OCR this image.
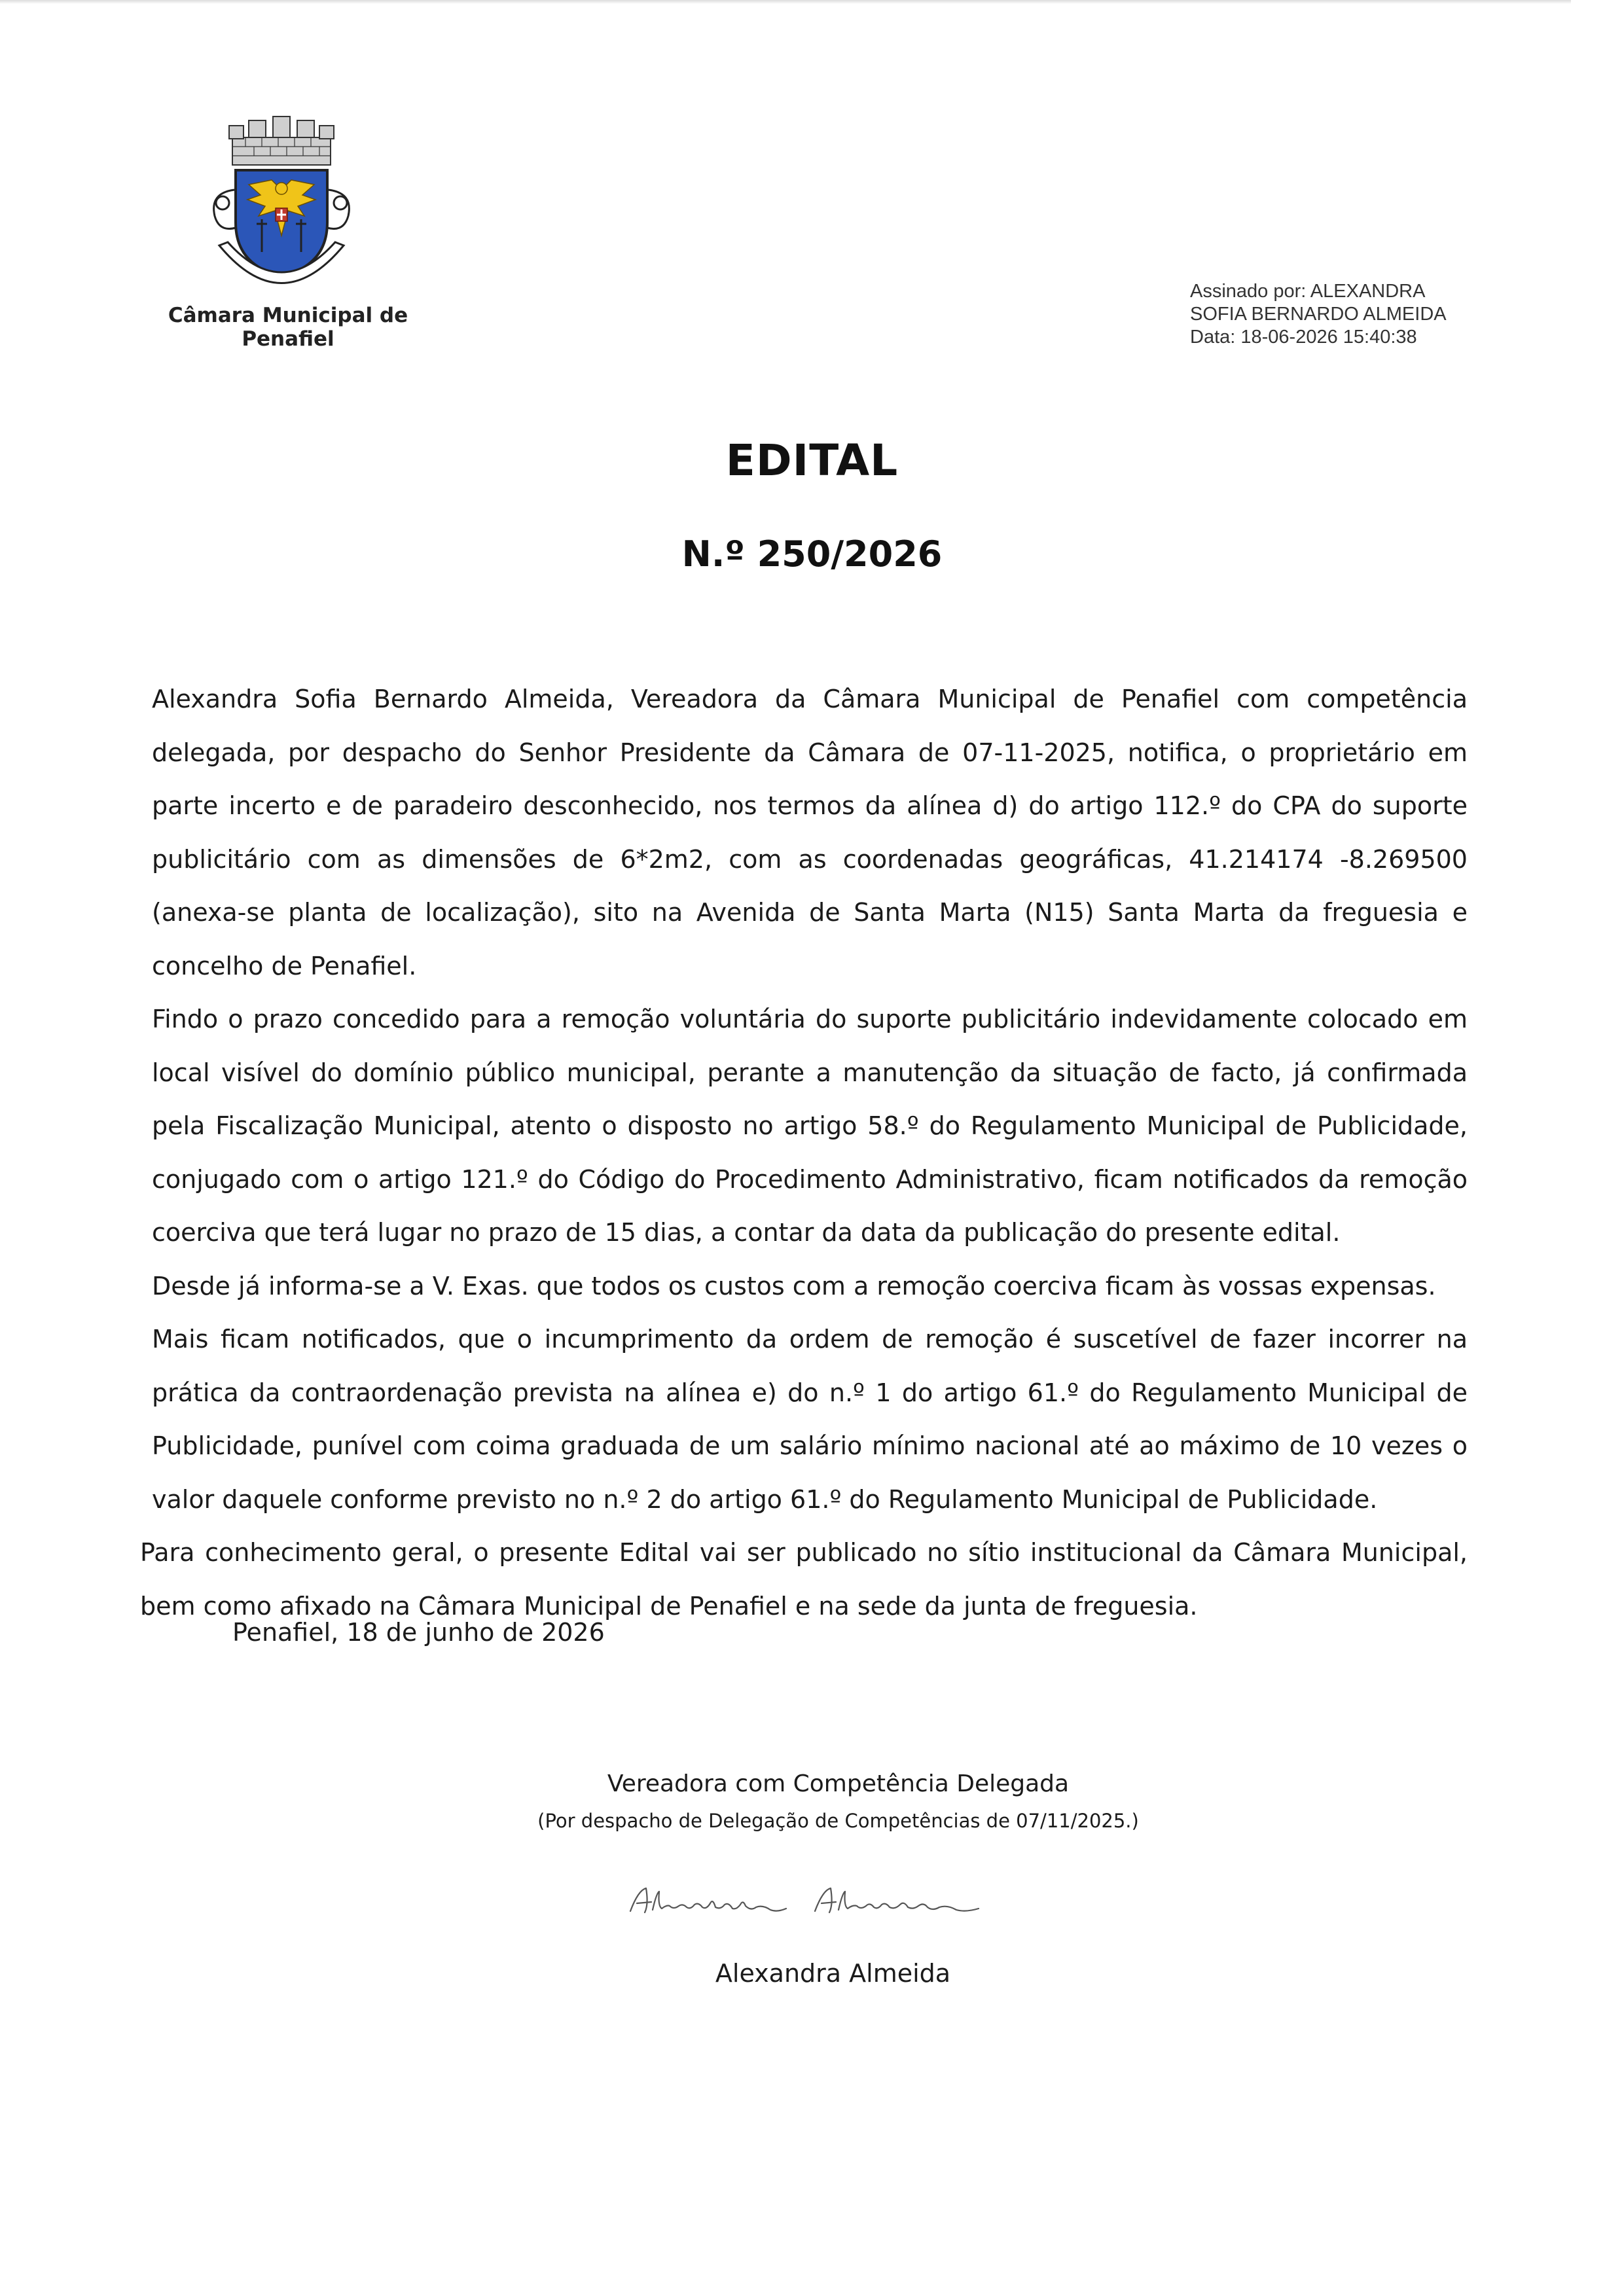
Câmara Municipal de Penafiel
Assinado por: ALEXANDRA
SOFIA BERNARDO ALMEIDA
Data: 18-06-2026 15:40:38
EDITAL
N.º 250/2026

Alexandra Sofia Bernardo Almeida, Vereadora da Câmara Municipal de Penafiel com competência delegada, por despacho do Senhor Presidente da Câmara de 07-11-2025, notifica, o proprietário em parte incerto e de paradeiro desconhecido, nos termos da alínea d) do artigo 112.º do CPA do suporte publicitário com as dimensões de 6*2m2, com as coordenadas geográficas, 41.214174 -8.269500 (anexa-se planta de localização), sito na Avenida de Santa Marta (N15) Santa Marta da freguesia e concelho de Penafiel.

Findo o prazo concedido para a remoção voluntária do suporte publicitário indevidamente colocado em local visível do domínio público municipal, perante a manutenção da situação de facto, já confirmada pela Fiscalização Municipal, atento o disposto no artigo 58.º do Regulamento Municipal de Publicidade, conjugado com o artigo 121.º do Código do Procedimento Administrativo, ficam notificados da remoção coerciva que terá lugar no prazo de 15 dias, a contar da data da publicação do presente edital.

Desde já informa-se a V. Exas. que todos os custos com a remoção coerciva ficam às vossas expensas.

Mais ficam notificados, que o incumprimento da ordem de remoção é suscetível de fazer incorrer na prática da contraordenação prevista na alínea e) do n.º 1 do artigo 61.º do Regulamento Municipal de Publicidade, punível com coima graduada de um salário mínimo nacional até ao máximo de 10 vezes o valor daquele conforme previsto no n.º 2 do artigo 61.º do Regulamento Municipal de Publicidade.

Para conhecimento geral, o presente Edital vai ser publicado no sítio institucional da Câmara Municipal, bem como afixado na Câmara Municipal de Penafiel e na sede da junta de freguesia.

Penafiel, 18 de junho de 2026
Vereadora com Competência Delegada
(Por despacho de Delegação de Competências de 07/11/2025.)
Alexandra Almeida
